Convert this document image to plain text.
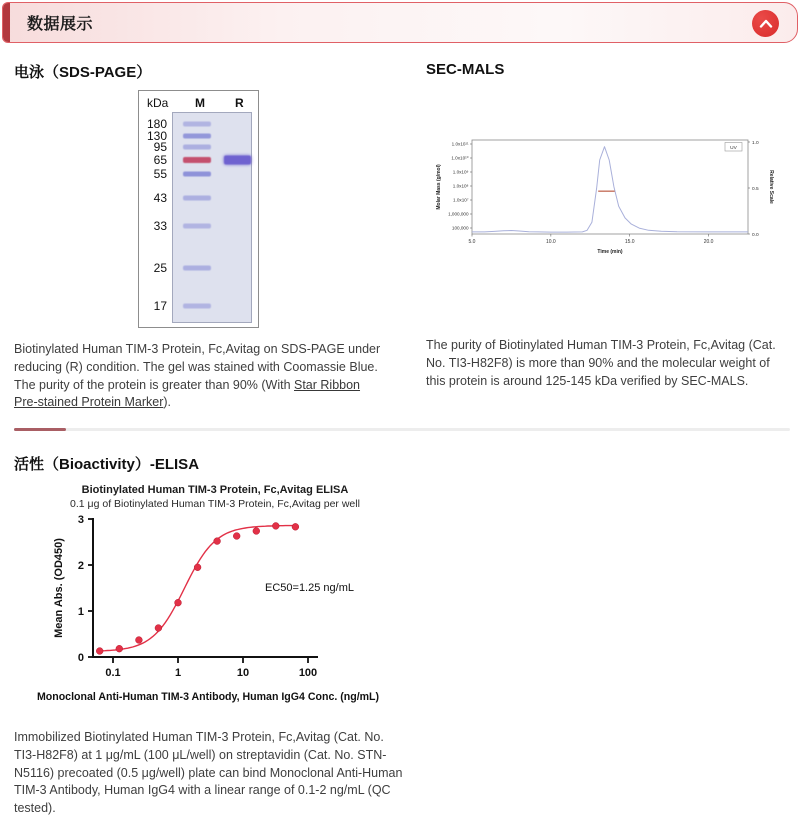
数据展示
电泳（SDS-PAGE）
kDa M	R
180
130
95
65
55
43
33
25
17

Biotinylated Human TIM-3 Protein, Fc,Avitag on SDS-PAGE under reducing (R) condition. The gel was stained with Coomassie Blue. The purity of the protein is greater than 90% (With Star Ribbon Pre-stained Protein Marker).

SEC-MALS
1.0x10¹¹
1.0x10¹⁰
1.0x10⁹
1.0x10⁸
1.0x10⁷
1,000,000
100,000
1.0
0.5
0.0
5.0	10.0	15.0	20.0
Molar Mass (g/mol)
Time (min)
Relative Scale
UV

The purity of Biotinylated Human TIM-3 Protein, Fc,Avitag (Cat. No. TI3-H82F8) is more than 90% and the molecular weight of this protein is around 125-145 kDa verified by SEC-MALS.

活性（Bioactivity）-ELISA
Biotinylated Human TIM-3 Protein, Fc,Avitag ELISA
0.1 μg of Biotinylated Human TIM-3 Protein, Fc,Avitag per well
0
1
2
3
0.1	1	10	100
EC50=1.25 ng/mL
Mean Abs. (OD450)
Monoclonal Anti-Human TIM-3 Antibody, Human IgG4 Conc. (ng/mL)

Immobilized Biotinylated Human TIM-3 Protein, Fc,Avitag (Cat. No. TI3-H82F8) at 1 μg/mL (100 μL/well) on streptavidin (Cat. No. STN-N5116) precoated (0.5 μg/well) plate can bind Monoclonal Anti-Human TIM-3 Antibody, Human IgG4 with a linear range of 0.1-2 ng/mL (QC tested).
